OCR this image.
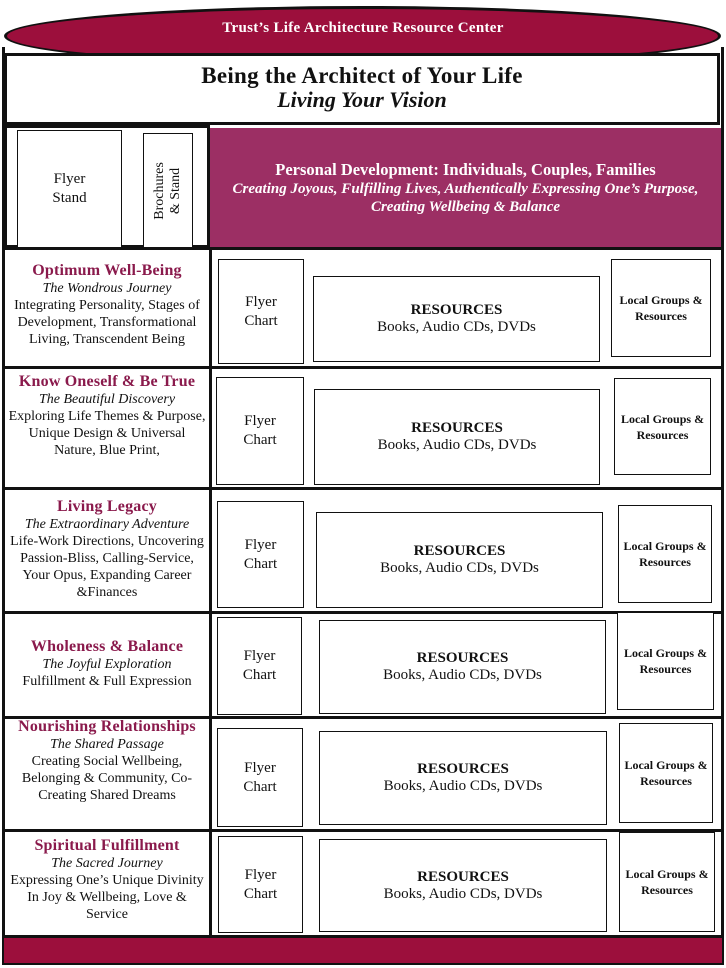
Trust’s Life Architecture Resource Center
Being the Architect of Your Life
Living Your Vision
Flyer Stand	Brochures & Stand	Personal Development: Individuals, Couples, Families
Creating Joyous, Fulfilling Lives, Authentically Expressing One’s Purpose, Creating Wellbeing & Balance
Optimum Well-Being
The Wondrous Journey
Integrating Personality, Stages of Development, Transformational Living, Transcendent Being
Flyer Chart
RESOURCES
Books, Audio CDs, DVDs
Local Groups & Resources
Know Oneself & Be True
The Beautiful Discovery
Exploring Life Themes & Purpose, Unique Design & Universal Nature, Blue Print,
Flyer Chart
RESOURCES
Books, Audio CDs, DVDs
Local Groups & Resources
Living Legacy
The Extraordinary Adventure
Life-Work Directions, Uncovering Passion-Bliss, Calling-Service, Your Opus, Expanding Career &Finances
Flyer Chart
RESOURCES
Books, Audio CDs, DVDs
Local Groups & Resources
Wholeness & Balance
The Joyful Exploration
Fulfillment & Full Expression
Flyer Chart
RESOURCES
Books, Audio CDs, DVDs
Local Groups & Resources
Nourishing Relationships
The Shared Passage
Creating Social Wellbeing, Belonging & Community, Co-Creating Shared Dreams
Flyer Chart
RESOURCES
Books, Audio CDs, DVDs
Local Groups & Resources
Spiritual Fulfillment
The Sacred Journey
Expressing One’s Unique Divinity In Joy & Wellbeing, Love & Service
Flyer Chart
RESOURCES
Books, Audio CDs, DVDs
Local Groups & Resources
